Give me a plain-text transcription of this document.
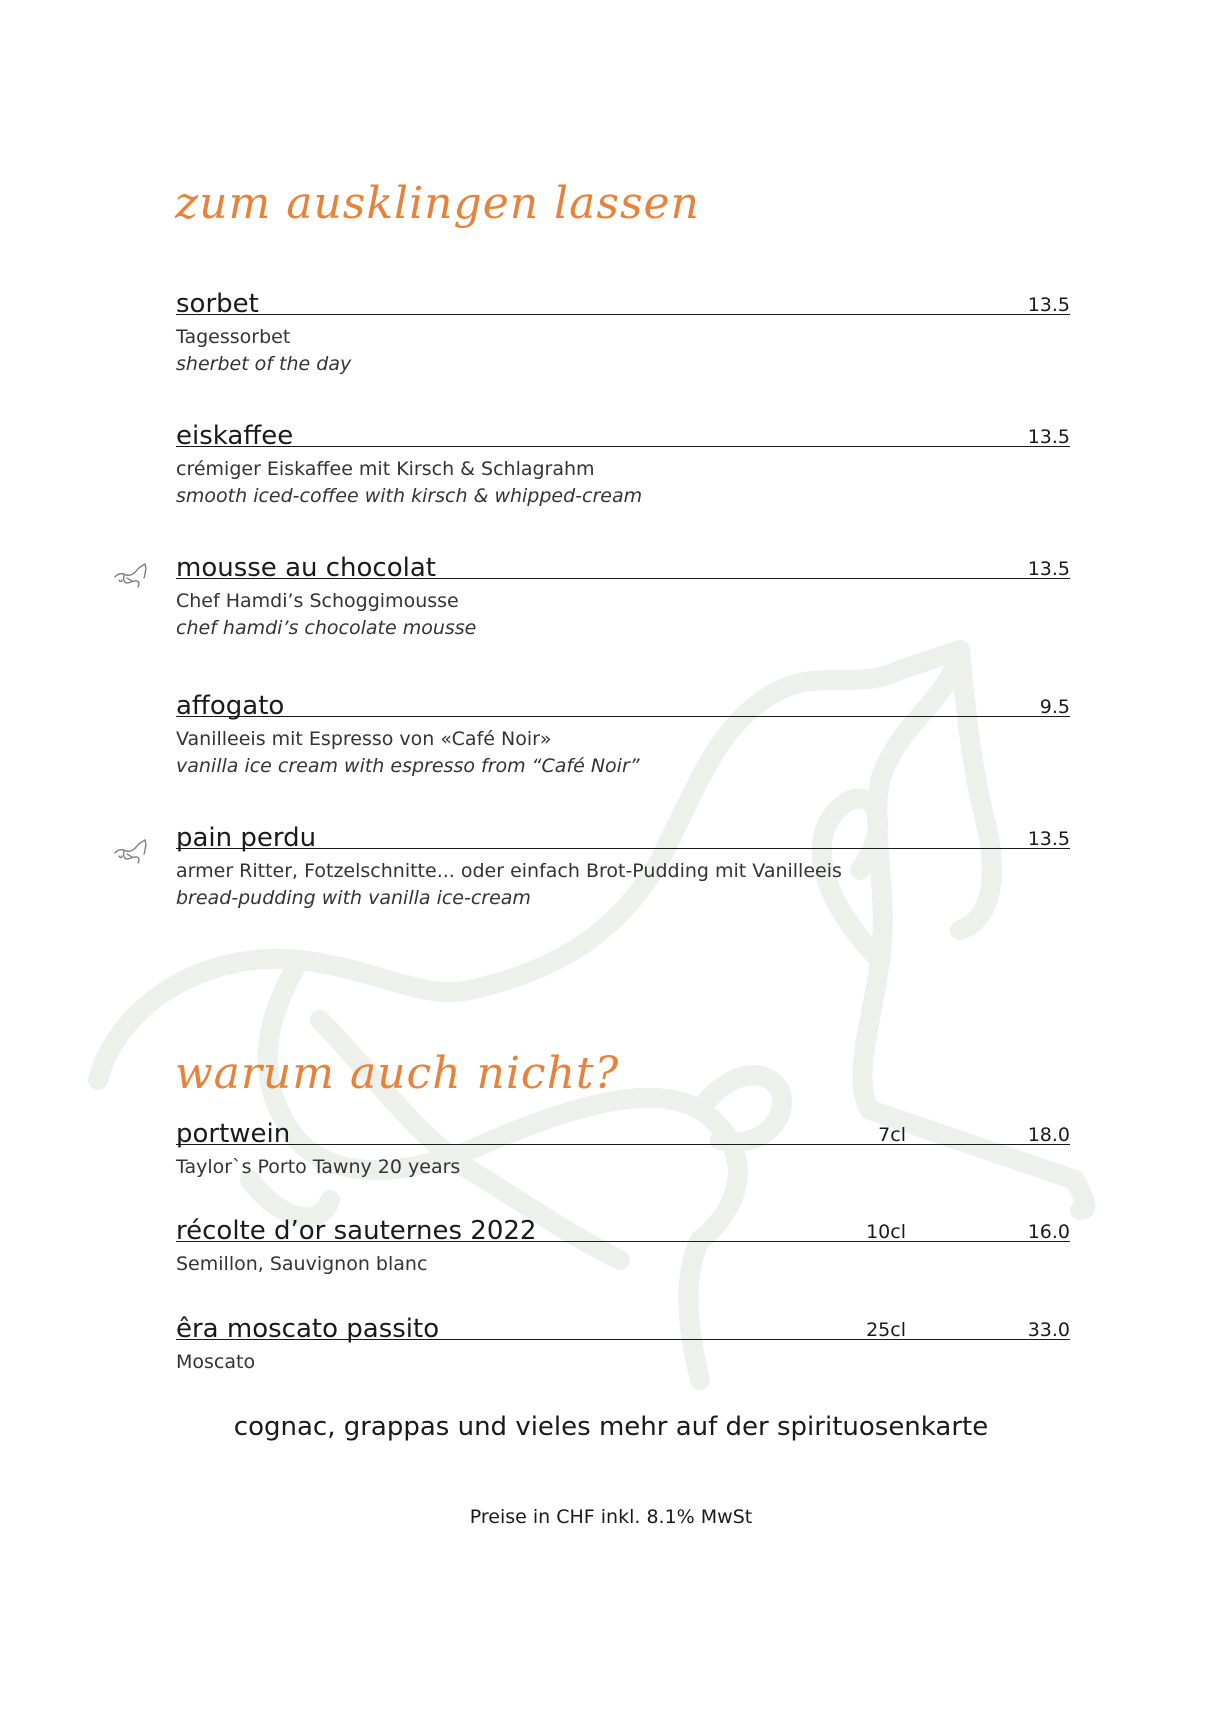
zum ausklingen lassen
sorbet	13.5
Tagessorbet
sherbet of the day
eiskaffee	13.5
crémiger Eiskaffee mit Kirsch & Schlagrahm
smooth iced-coffee with kirsch & whipped-cream
mousse au chocolat	13.5
Chef Hamdi’s Schoggimousse
chef hamdi’s chocolate mousse
affogato	9.5
Vanilleeis mit Espresso von «Café Noir»
vanilla ice cream with espresso from “Café Noir”
pain perdu	13.5
armer Ritter, Fotzelschnitte... oder einfach Brot-Pudding mit Vanilleeis
bread-pudding with vanilla ice-cream
warum auch nicht?
portwein	7cl	18.0
Taylor`s Porto Tawny 20 years
récolte d’or sauternes 2022	10cl	16.0
Semillon, Sauvignon blanc
êra moscato passito	25cl	33.0
Moscato
cognac, grappas und vieles mehr auf der spirituosenkarte
Preise in CHF inkl. 8.1% MwSt
